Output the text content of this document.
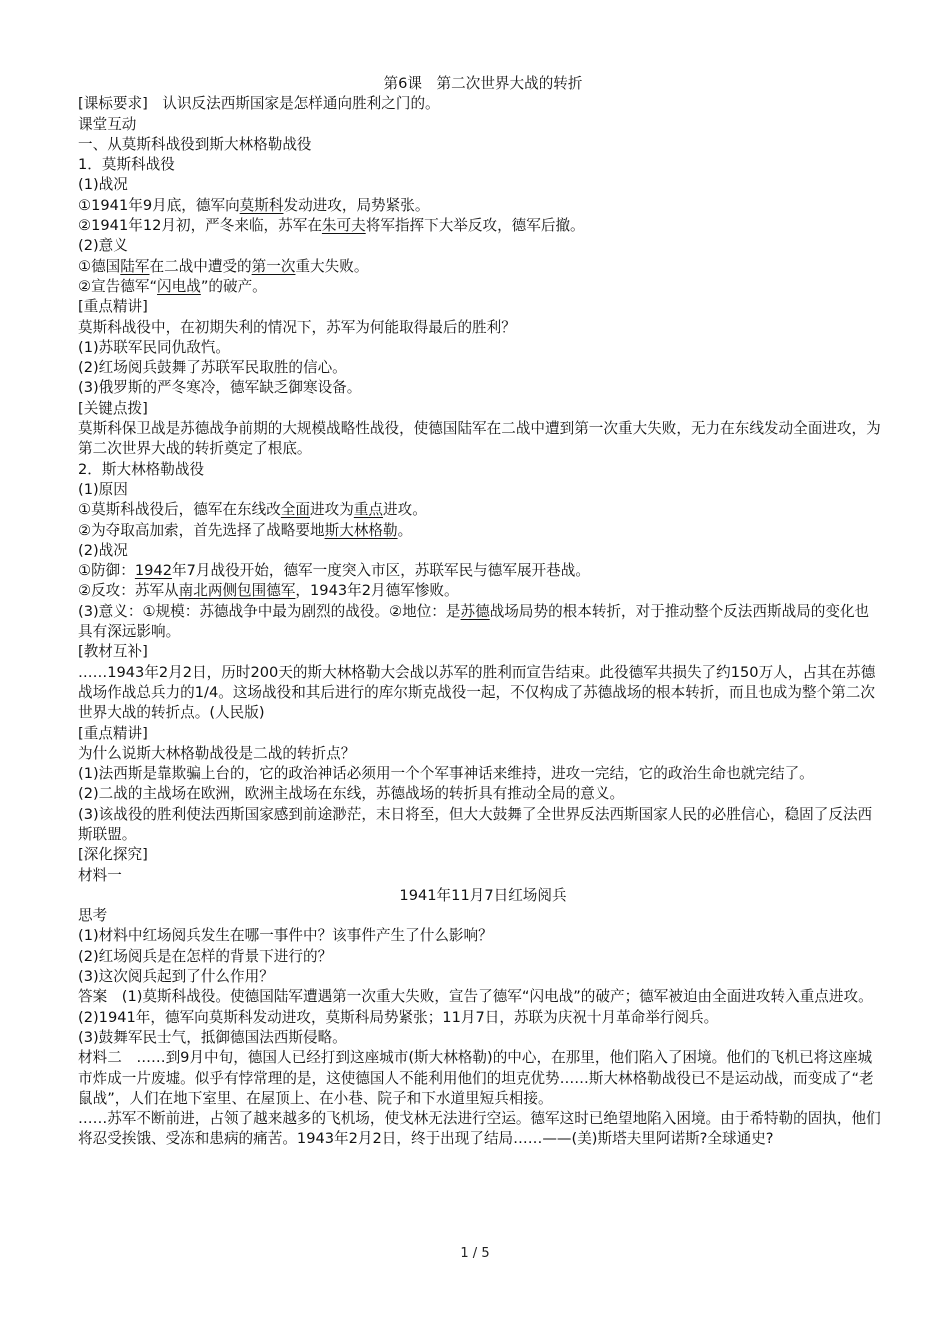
第6课　第二次世界大战的转折

[课标要求]　认识反法西斯国家是怎样通向胜利之门的。

课堂互动

一、从莫斯科战役到斯大林格勒战役

1．莫斯科战役

(1)战况

①1941年9月底，德军向莫斯科发动进攻，局势紧张。

②1941年12月初，严冬来临，苏军在朱可夫将军指挥下大举反攻，德军后撤。

(2)意义

①德国陆军在二战中遭受的第一次重大失败。

②宣告德军“闪电战”的破产。

[重点精讲]

莫斯科战役中，在初期失利的情况下，苏军为何能取得最后的胜利？

(1)苏联军民同仇敌忾。

(2)红场阅兵鼓舞了苏联军民取胜的信心。

(3)俄罗斯的严冬寒冷，德军缺乏御寒设备。

[关键点拨]

莫斯科保卫战是苏德战争前期的大规模战略性战役，使德国陆军在二战中遭到第一次重大失败，无力在东线发动全面进攻，为第二次世界大战的转折奠定了根底。

2．斯大林格勒战役

(1)原因

①莫斯科战役后，德军在东线改全面进攻为重点进攻。

②为夺取高加索，首先选择了战略要地斯大林格勒。

(2)战况

①防御：1942年7月战役开始，德军一度突入市区，苏联军民与德军展开巷战。

②反攻：苏军从南北两侧包围德军，1943年2月德军惨败。

(3)意义：①规模：苏德战争中最为剧烈的战役。②地位：是苏德战场局势的根本转折，对于推动整个反法西斯战局的变化也具有深远影响。

[教材互补]

……1943年2月2日，历时200天的斯大林格勒大会战以苏军的胜利而宣告结束。此役德军共损失了约150万人，占其在苏德战场作战总兵力的1/4。这场战役和其后进行的库尔斯克战役一起，不仅构成了苏德战场的根本转折，而且也成为整个第二次世界大战的转折点。(人民版)

[重点精讲]

为什么说斯大林格勒战役是二战的转折点？

(1)法西斯是靠欺骗上台的，它的政治神话必须用一个个军事神话来维持，进攻一完结，它的政治生命也就完结了。

(2)二战的主战场在欧洲，欧洲主战场在东线，苏德战场的转折具有推动全局的意义。

(3)该战役的胜利使法西斯国家感到前途渺茫，末日将至，但大大鼓舞了全世界反法西斯国家人民的必胜信心，稳固了反法西斯联盟。

[深化探究]

材料一

1941年11月7日红场阅兵

思考

(1)材料中红场阅兵发生在哪一事件中？该事件产生了什么影响？

(2)红场阅兵是在怎样的背景下进行的？

(3)这次阅兵起到了什么作用？

答案　(1)莫斯科战役。使德国陆军遭遇第一次重大失败，宣告了德军“闪电战”的破产；德军被迫由全面进攻转入重点进攻。

(2)1941年，德军向莫斯科发动进攻，莫斯科局势紧张；11月7日，苏联为庆祝十月革命举行阅兵。

(3)鼓舞军民士气，抵御德国法西斯侵略。

材料二　……到9月中旬，德国人已经打到这座城市(斯大林格勒)的中心，在那里，他们陷入了困境。他们的飞机已将这座城市炸成一片废墟。似乎有悖常理的是，这使德国人不能利用他们的坦克优势……斯大林格勒战役已不是运动战，而变成了“老鼠战”，人们在地下室里、在屋顶上、在小巷、院子和下水道里短兵相接。

……苏军不断前进，占领了越来越多的飞机场，使戈林无法进行空运。德军这时已绝望地陷入困境。由于希特勒的固执，他们将忍受挨饿、受冻和患病的痛苦。1943年2月2日，终于出现了结局……——(美)斯塔夫里阿诺斯?全球通史?

1 / 5
